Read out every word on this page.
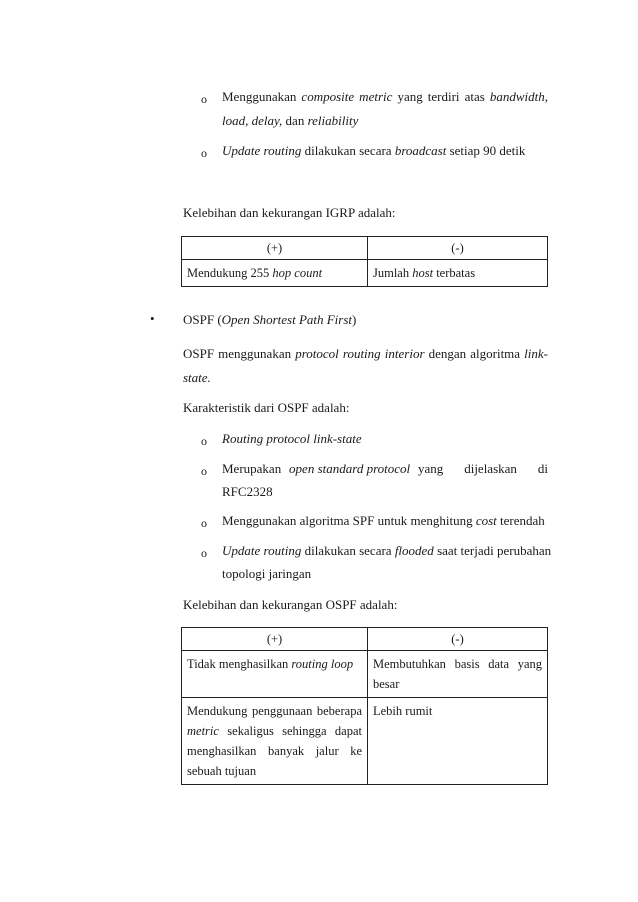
o Menggunakan composite metric yang terdiri atas bandwidth,
load, delay, dan reliability
o Update routing dilakukan secara broadcast setiap 90 detik
Kelebihan dan kekurangan IGRP adalah:
(+)	(-)
Mendukung 255 hop count	Jumlah host terbatas
• OSPF (Open Shortest Path First)
OSPF menggunakan protocol routing interior dengan algoritma link-
state.
Karakteristik dari OSPF adalah:
o Routing protocol link-state
o Merupakan open standard protocol yang dijelaskan di
RFC2328
o Menggunakan algoritma SPF untuk menghitung cost terendah
o Update routing dilakukan secara flooded saat terjadi perubahan
topologi jaringan
Kelebihan dan kekurangan OSPF adalah:
(+)	(-)
Tidak menghasilkan routing loop	Membutuhkan basis data yang besar
Mendukung penggunaan beberapa metric sekaligus sehingga dapat menghasilkan banyak jalur ke sebuah tujuan	Lebih rumit
